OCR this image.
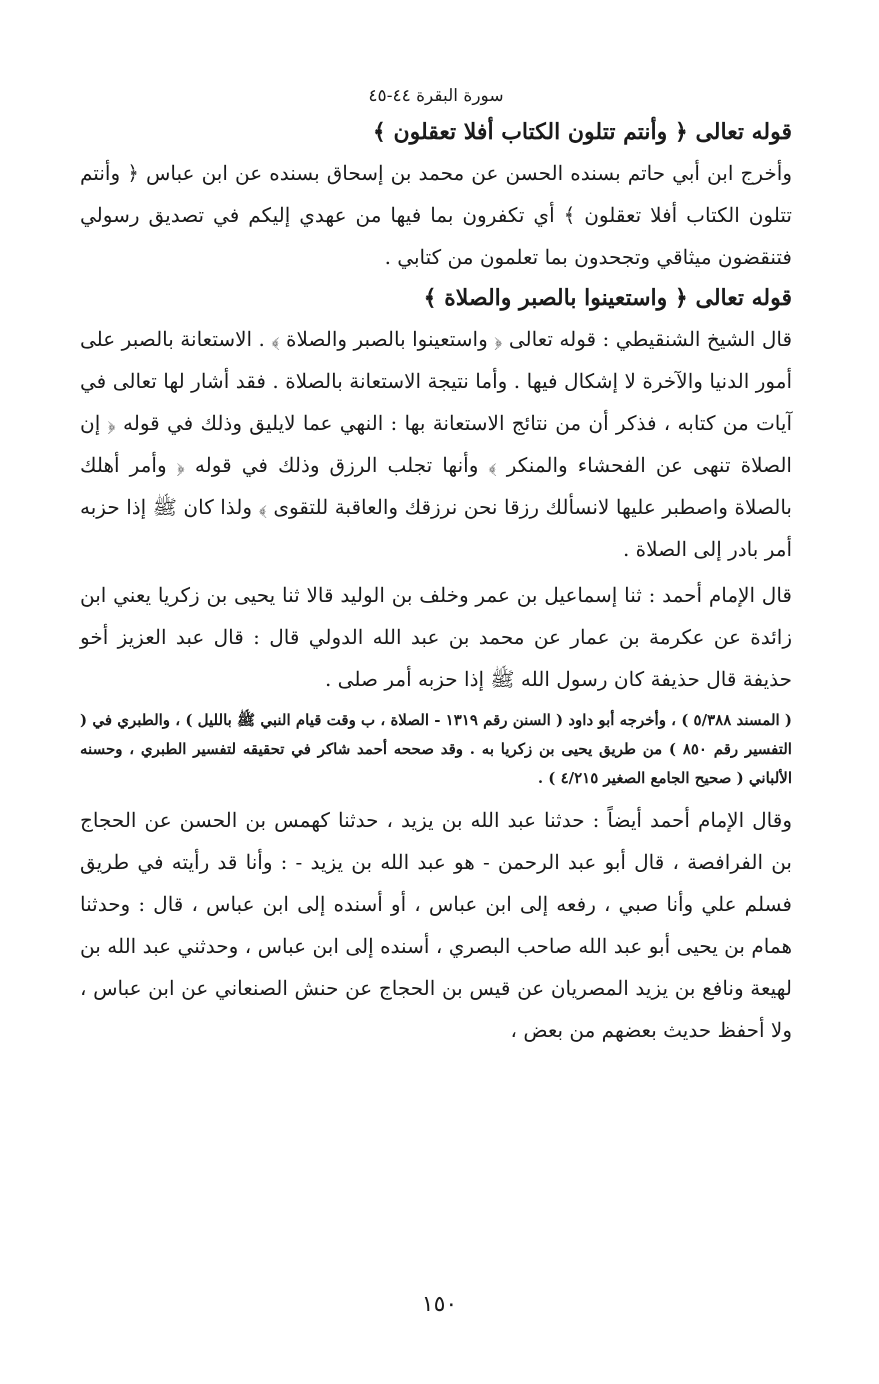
سورة البقرة ٤٤-٤٥
قوله تعالى ﴿ وأنتم تتلون الكتاب أفلا تعقلون ﴾

وأخرج ابن أبي حاتم بسنده الحسن عن محمد بن إسحاق بسنده عن ابن عباس ﴿ وأنتم تتلون الكتاب أفلا تعقلون ﴾ أي تكفرون بما فيها من عهدي إليكم في تصديق رسولي فتنقضون ميثاقي وتجحدون بما تعلمون من كتابي .

قوله تعالى ﴿ واستعينوا بالصبر والصلاة ﴾

قال الشيخ الشنقيطي : قوله تعالى ﴿ واستعينوا بالصبر والصلاة ﴾ . الاستعانة بالصبر على أمور الدنيا والآخرة لا إشكال فيها . وأما نتيجة الاستعانة بالصلاة . فقد أشار لها تعالى في آيات من كتابه ، فذكر أن من نتائج الاستعانة بها : النهي عما لايليق وذلك في قوله ﴿ إن الصلاة تنهى عن الفحشاء والمنكر ﴾ وأنها تجلب الرزق وذلك في قوله ﴿ وأمر أهلك بالصلاة واصطبر عليها لانسألك رزقا نحن نرزقك والعاقبة للتقوى ﴾ ولذا كان ﷺ إذا حزبه أمر بادر إلى الصلاة .

قال الإمام أحمد : ثنا إسماعيل بن عمر وخلف بن الوليد قالا ثنا يحيى بن زكريا يعني ابن زائدة عن عكرمة بن عمار عن محمد بن عبد الله الدولي قال : قال عبد العزيز أخو حذيفة قال حذيفة كان رسول الله ﷺ إذا حزبه أمر صلى .

( المسند ٥/٣٨٨ ) ، وأخرجه أبو داود ( السنن رقم ١٣١٩ - الصلاة ، ب وقت قيام النبي ﷺ بالليل ) ، والطبري في ( التفسير رقم ٨٥٠ ) من طريق يحيى بن زكريا به . وقد صححه أحمد شاكر في تحقيقه لتفسير الطبري ، وحسنه الألباني ( صحيح الجامع الصغير ٤/٢١٥ ) .

وقال الإمام أحمد أيضاً : حدثنا عبد الله بن يزيد ، حدثنا كهمس بن الحسن عن الحجاج بن الفرافصة ، قال أبو عبد الرحمن - هو عبد الله بن يزيد - : وأنا قد رأيته في طريق فسلم علي وأنا صبي ، رفعه إلى ابن عباس ، أو أسنده إلى ابن عباس ، قال : وحدثنا همام بن يحيى أبو عبد الله صاحب البصري ، أسنده إلى ابن عباس ، وحدثني عبد الله بن لهيعة ونافع بن يزيد المصريان عن قيس بن الحجاج عن حنش الصنعاني عن ابن عباس ، ولا أحفظ حديث بعضهم من بعض ،

١٥٠
